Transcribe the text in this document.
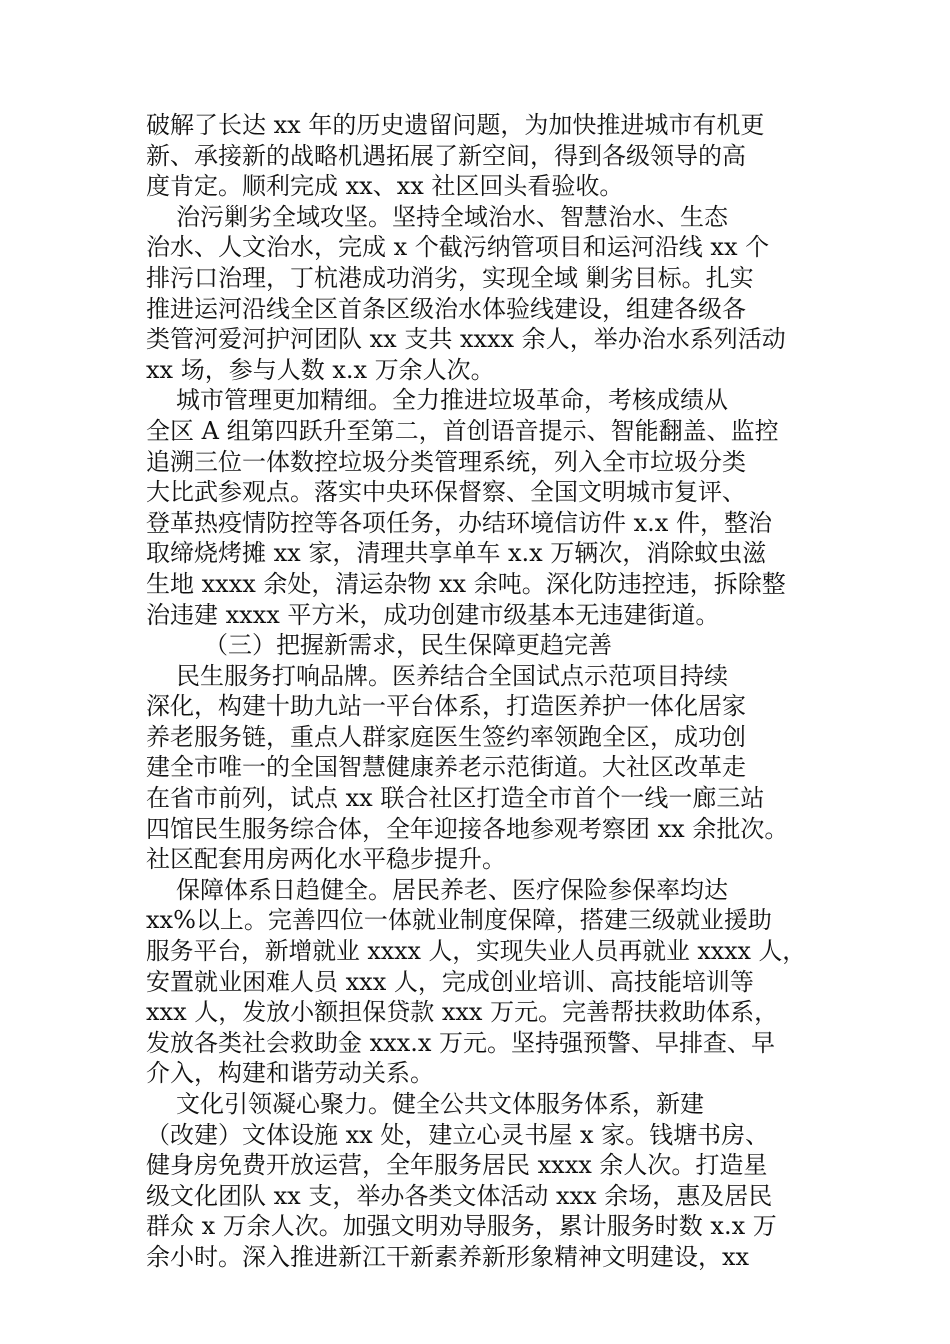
破解了长达 xx 年的历史遗留问题，为加快推进城市有机更
新、承接新的战略机遇拓展了新空间，得到各级领导的高
度肯定。顺利完成 xx、xx 社区回头看验收。
治污剿劣全域攻坚。坚持全域治水、智慧治水、生态
治水、人文治水，完成 x 个截污纳管项目和运河沿线 xx 个
排污口治理，丁杭港成功消劣，实现全域 剿劣目标。扎实
推进运河沿线全区首条区级治水体验线建设，组建各级各
类管河爱河护河团队 xx 支共 xxxx 余人，举办治水系列活动
xx 场，参与人数 x.x 万余人次。
城市管理更加精细。全力推进垃圾革命，考核成绩从
全区 A 组第四跃升至第二，首创语音提示、智能翻盖、监控
追溯三位一体数控垃圾分类管理系统，列入全市垃圾分类
大比武参观点。落实中央环保督察、全国文明城市复评、
登革热疫情防控等各项任务，办结环境信访件 x.x 件，整治
取缔烧烤摊 xx 家，清理共享单车 x.x 万辆次，消除蚊虫滋
生地 xxxx 余处，清运杂物 xx 余吨。深化防违控违，拆除整
治违建 xxxx 平方米，成功创建市级基本无违建街道。
（三）把握新需求，民生保障更趋完善
民生服务打响品牌。医养结合全国试点示范项目持续
深化，构建十助九站一平台体系，打造医养护一体化居家
养老服务链，重点人群家庭医生签约率领跑全区，成功创
建全市唯一的全国智慧健康养老示范街道。大社区改革走
在省市前列，试点 xx 联合社区打造全市首个一线一廊三站
四馆民生服务综合体，全年迎接各地参观考察团 xx 余批次。
社区配套用房两化水平稳步提升。
保障体系日趋健全。居民养老、医疗保险参保率均达
xx%以上。完善四位一体就业制度保障，搭建三级就业援助
服务平台，新增就业 xxxx 人，实现失业人员再就业 xxxx 人，
安置就业困难人员 xxx 人，完成创业培训、高技能培训等
xxx 人，发放小额担保贷款 xxx 万元。完善帮扶救助体系，
发放各类社会救助金 xxx.x 万元。坚持强预警、早排查、早
介入，构建和谐劳动关系。
文化引领凝心聚力。健全公共文体服务体系，新建
（改建）文体设施 xx 处，建立心灵书屋 x 家。钱塘书房、
健身房免费开放运营，全年服务居民 xxxx 余人次。打造星
级文化团队 xx 支，举办各类文体活动 xxx 余场，惠及居民
群众 x 万余人次。加强文明劝导服务，累计服务时数 x.x 万
余小时。深入推进新江干新素养新形象精神文明建设，xx
